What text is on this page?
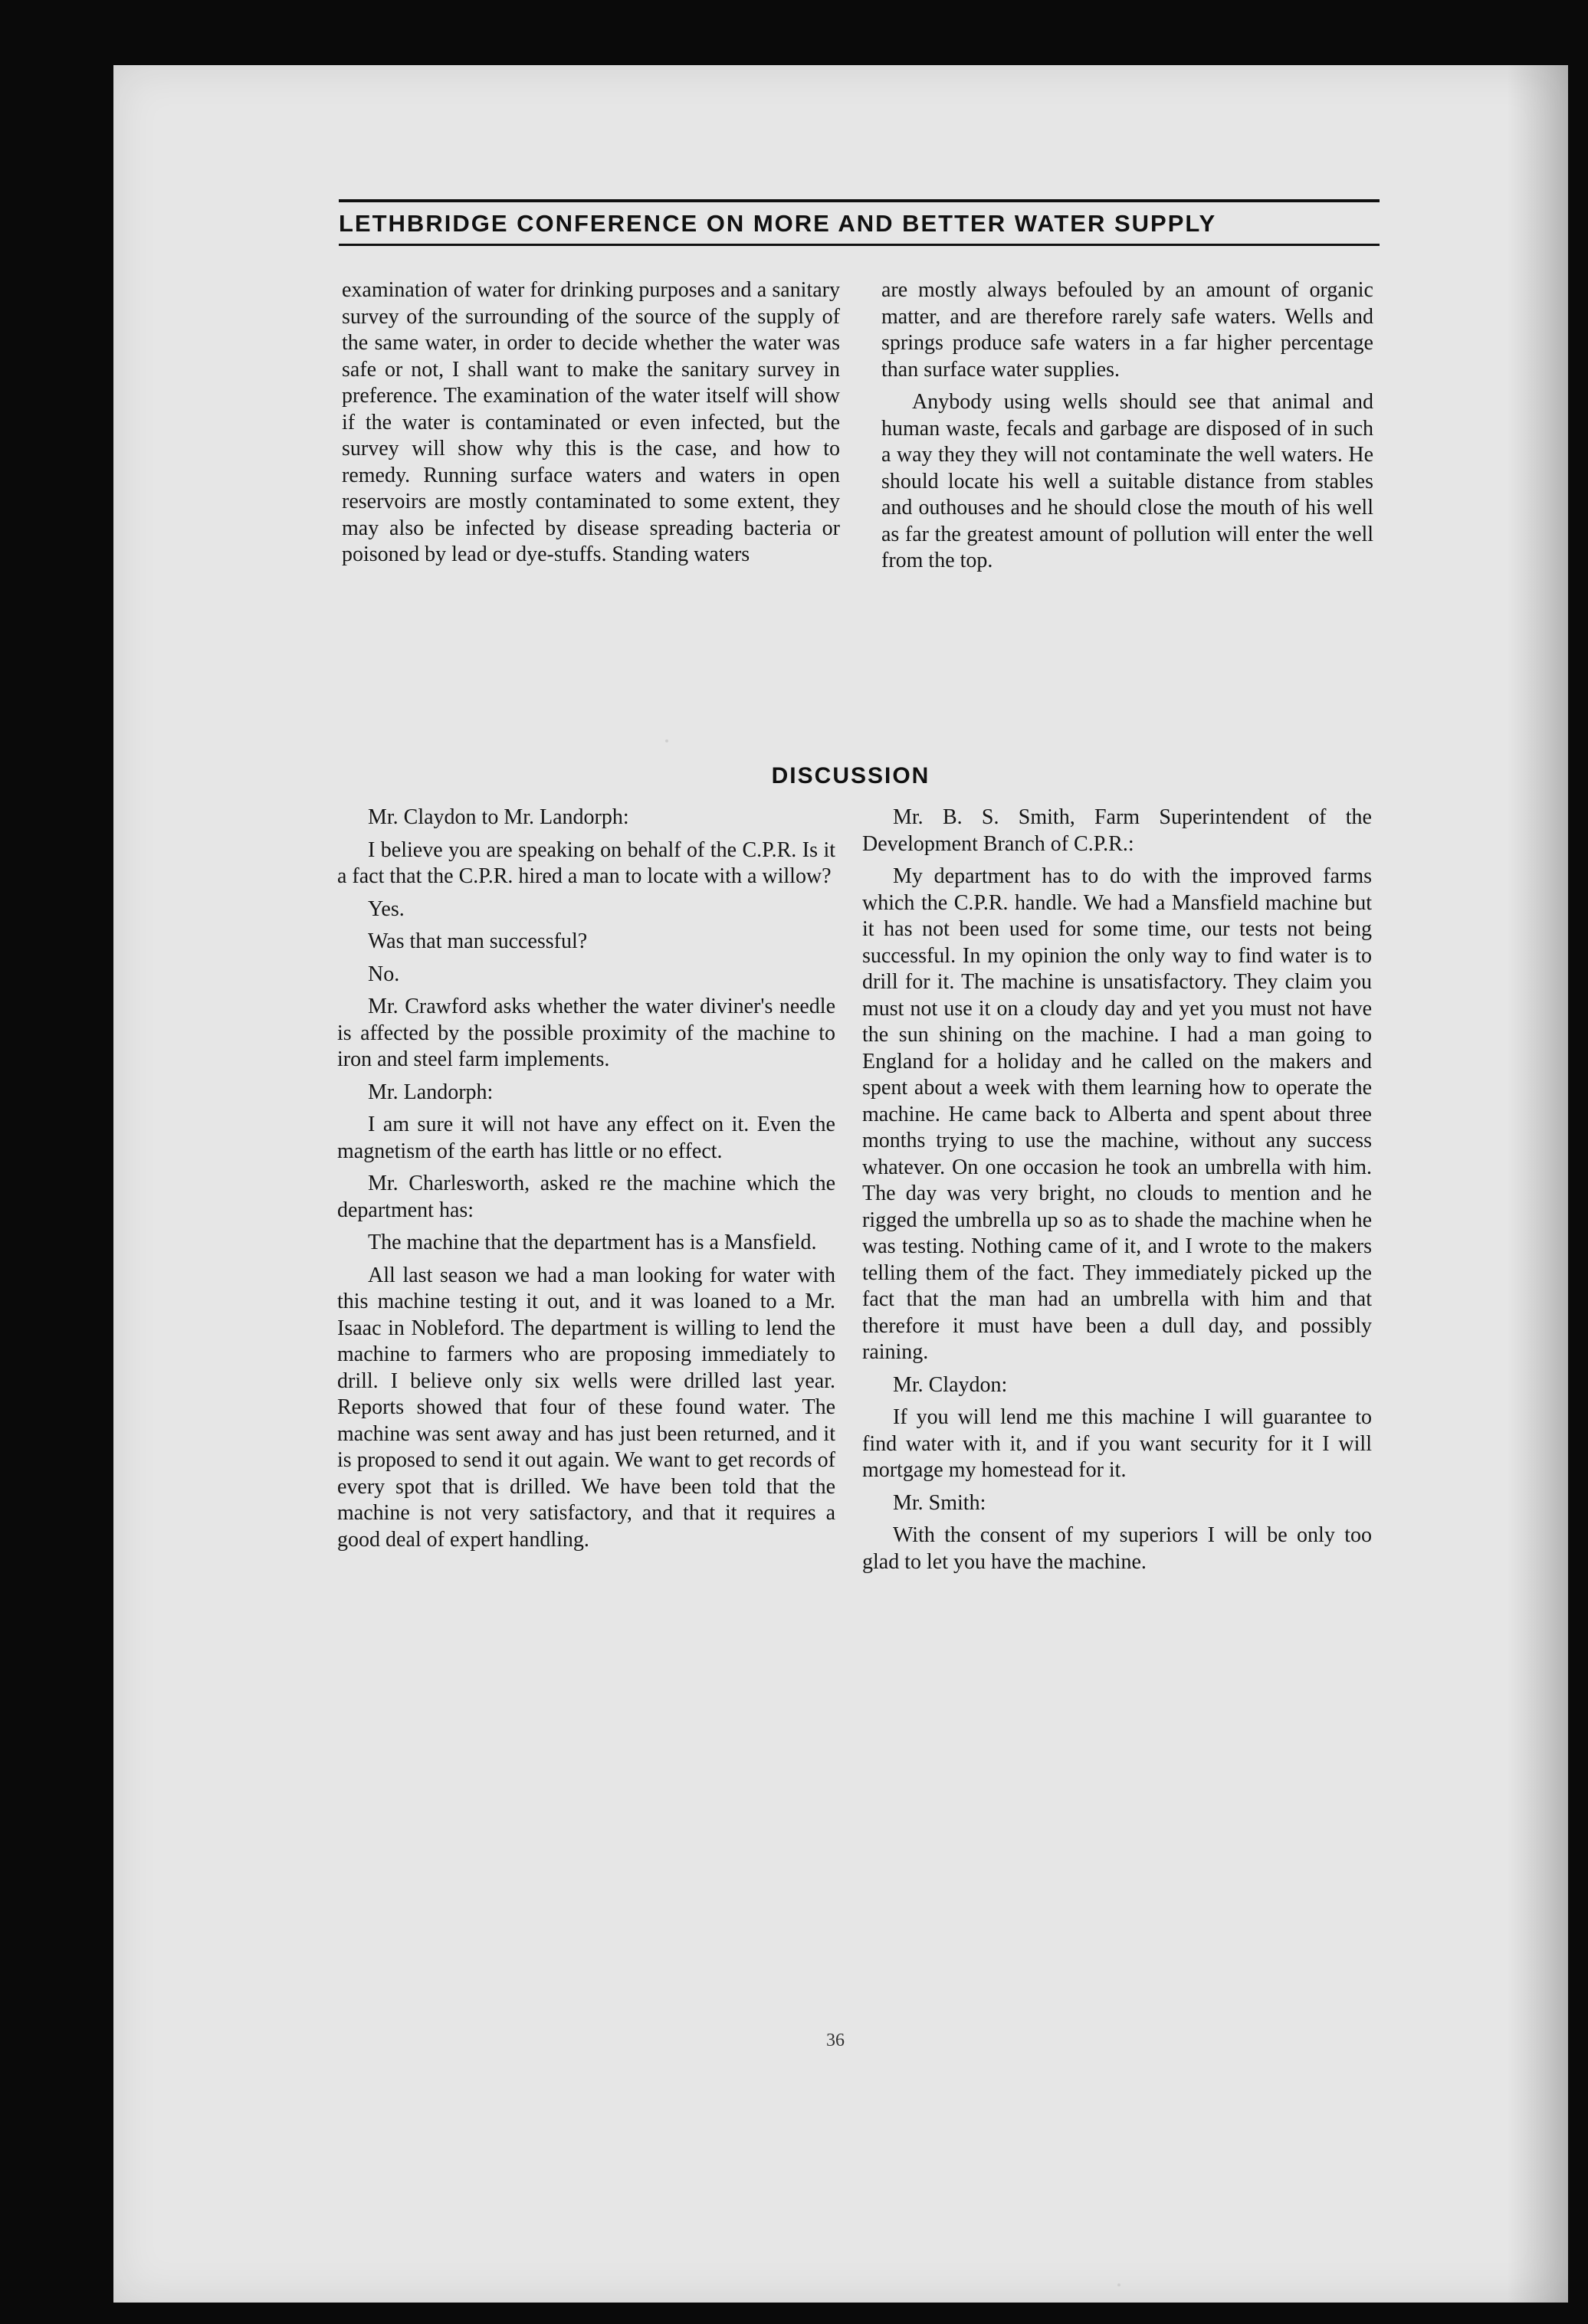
LETHBRIDGE CONFERENCE ON MORE AND BETTER WATER SUPPLY

examination of water for drinking purposes and a sanitary survey of the surrounding of the source of the supply of the same water, in order to decide whether the water was safe or not, I shall want to make the sanitary survey in preference. The examination of the water itself will show if the water is contaminated or even infected, but the survey will show why this is the case, and how to remedy. Running surface waters and waters in open reservoirs are mostly contaminated to some extent, they may also be infected by disease spreading bacteria or poisoned by lead or dye-stuffs. Standing waters

are mostly always befouled by an amount of organic matter, and are therefore rarely safe waters. Wells and springs produce safe waters in a far higher percentage than surface water supplies.

Anybody using wells should see that animal and human waste, fecals and garbage are disposed of in such a way they they will not contaminate the well waters. He should locate his well a suitable distance from stables and outhouses and he should close the mouth of his well as far the greatest amount of pollution will enter the well from the top.

DISCUSSION

Mr. Claydon to Mr. Landorph:

I believe you are speaking on behalf of the C.P.R. Is it a fact that the C.P.R. hired a man to locate with a willow?

Yes.

Was that man successful?

No.

Mr. Crawford asks whether the water diviner's needle is affected by the possible proximity of the machine to iron and steel farm implements.

Mr. Landorph:

I am sure it will not have any effect on it. Even the magnetism of the earth has little or no effect.

Mr. Charlesworth, asked re the machine which the department has:

The machine that the department has is a Mansfield.

All last season we had a man looking for water with this machine testing it out, and it was loaned to a Mr. Isaac in Nobleford. The department is willing to lend the machine to farmers who are proposing immediately to drill. I believe only six wells were drilled last year. Reports showed that four of these found water. The machine was sent away and has just been returned, and it is proposed to send it out again. We want to get records of every spot that is drilled. We have been told that the machine is not very satisfactory, and that it requires a good deal of expert handling.

Mr. B. S. Smith, Farm Superintendent of the Development Branch of C.P.R.:

My department has to do with the improved farms which the C.P.R. handle. We had a Mansfield machine but it has not been used for some time, our tests not being successful. In my opinion the only way to find water is to drill for it. The machine is unsatisfactory. They claim you must not use it on a cloudy day and yet you must not have the sun shining on the machine. I had a man going to England for a holiday and he called on the makers and spent about a week with them learning how to operate the machine. He came back to Alberta and spent about three months trying to use the machine, without any success whatever. On one occasion he took an umbrella with him. The day was very bright, no clouds to mention and he rigged the umbrella up so as to shade the machine when he was testing. Nothing came of it, and I wrote to the makers telling them of the fact. They immediately picked up the fact that the man had an umbrella with him and that therefore it must have been a dull day, and possibly raining.

Mr. Claydon:

If you will lend me this machine I will guarantee to find water with it, and if you want security for it I will mortgage my homestead for it.

Mr. Smith:

With the consent of my superiors I will be only too glad to let you have the machine.

36
